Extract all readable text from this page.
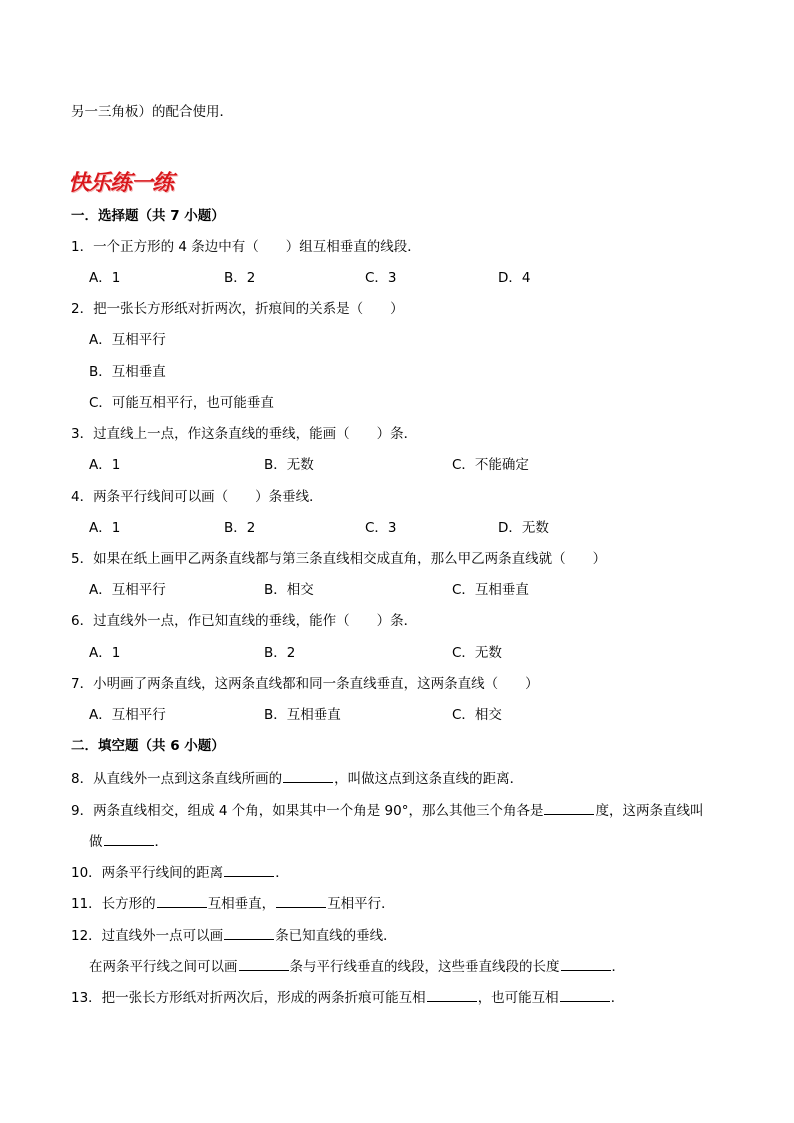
另一三角板）的配合使用．
快乐练一练
一．选择题（共 7 小题）
1．一个正方形的 4 条边中有（　　）组互相垂直的线段．
A．1	B．2	C．3	D．4
2．把一张长方形纸对折两次，折痕间的关系是（　　）
A．互相平行
B．互相垂直
C．可能互相平行，也可能垂直
3．过直线上一点，作这条直线的垂线，能画（　　）条．
A．1	B．无数	C．不能确定
4．两条平行线间可以画（　　）条垂线．
A．1	B．2	C．3	D．无数
5．如果在纸上画甲乙两条直线都与第三条直线相交成直角，那么甲乙两条直线就（　　）
A．互相平行	B．相交	C．互相垂直
6．过直线外一点，作已知直线的垂线，能作（　　）条．
A．1	B．2	C．无数
7．小明画了两条直线，这两条直线都和同一条直线垂直，这两条直线（　　）
A．互相平行	B．互相垂直	C．相交
二．填空题（共 6 小题）
8．从直线外一点到这条直线所画的	，叫做这点到这条直线的距离．
9．两条直线相交，组成 4 个角，如果其中一个角是 90°，那么其他三个角各是	度，这两条直线叫
做	．
10．两条平行线间的距离	．
11．长方形的	互相垂直，	互相平行．
12．过直线外一点可以画	条已知直线的垂线．
在两条平行线之间可以画	条与平行线垂直的线段，这些垂直线段的长度	．
13．把一张长方形纸对折两次后，形成的两条折痕可能互相	，也可能互相	．
